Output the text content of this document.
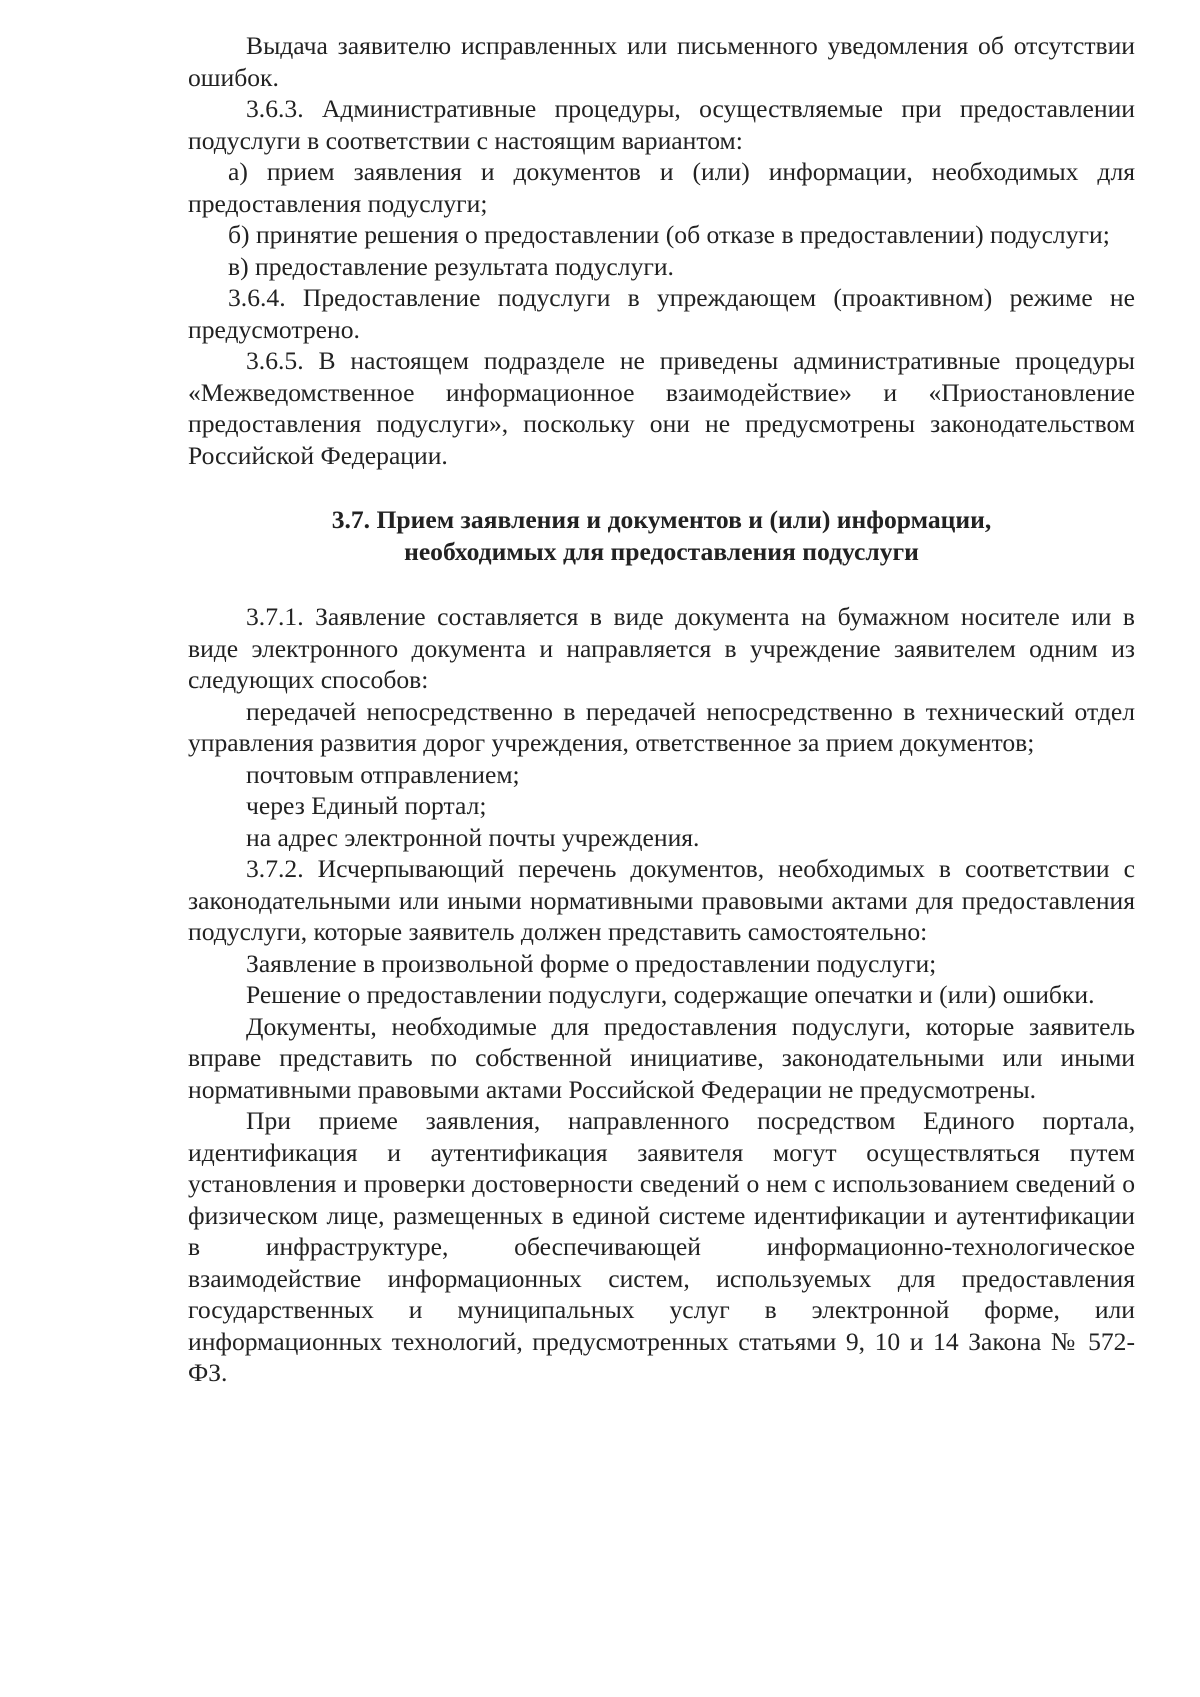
Выдача заявителю исправленных или письменного уведомления об отсутствии ошибок.

3.6.3. Административные процедуры, осуществляемые при предоставлении подуслуги в соответствии с настоящим вариантом:

а) прием заявления и документов и (или) информации, необходимых для предоставления подуслуги;

б) принятие решения о предоставлении (об отказе в предоставлении) подуслуги;

в) предоставление результата подуслуги.

3.6.4. Предоставление подуслуги в упреждающем (проактивном) режиме не предусмотрено.

3.6.5. В настоящем подразделе не приведены административные процедуры «Межведомственное информационное взаимодействие» и «Приостановление предоставления подуслуги», поскольку они не предусмотрены законодательством Российской Федерации.

3.7. Прием заявления и документов и (или) информации,

необходимых для предоставления подуслуги

3.7.1. Заявление составляется в виде документа на бумажном носителе или в виде электронного документа и направляется в учреждение заявителем одним из следующих способов:

передачей непосредственно в передачей непосредственно в технический отдел управления развития дорог учреждения, ответственное за прием документов;

почтовым отправлением;

через Единый портал;

на адрес электронной почты учреждения.

3.7.2. Исчерпывающий перечень документов, необходимых в соответствии с законодательными или иными нормативными правовыми актами для предоставления подуслуги, которые заявитель должен представить самостоятельно:

Заявление в произвольной форме о предоставлении подуслуги;

Решение о предоставлении подуслуги, содержащие опечатки и (или) ошибки.

Документы, необходимые для предоставления подуслуги, которые заявитель вправе представить по собственной инициативе, законодательными или иными нормативными правовыми актами Российской Федерации не предусмотрены.

При приеме заявления, направленного посредством Единого портала, идентификация и аутентификация заявителя могут осуществляться путем установления и проверки достоверности сведений о нем с использованием сведений о физическом лице, размещенных в единой системе идентификации и аутентификации в инфраструктуре, обеспечивающей информационно-технологическое взаимодействие информационных систем, используемых для предоставления государственных и муниципальных услуг в электронной форме, или информационных технологий, предусмотренных статьями 9, 10 и 14 Закона № 572-ФЗ.
